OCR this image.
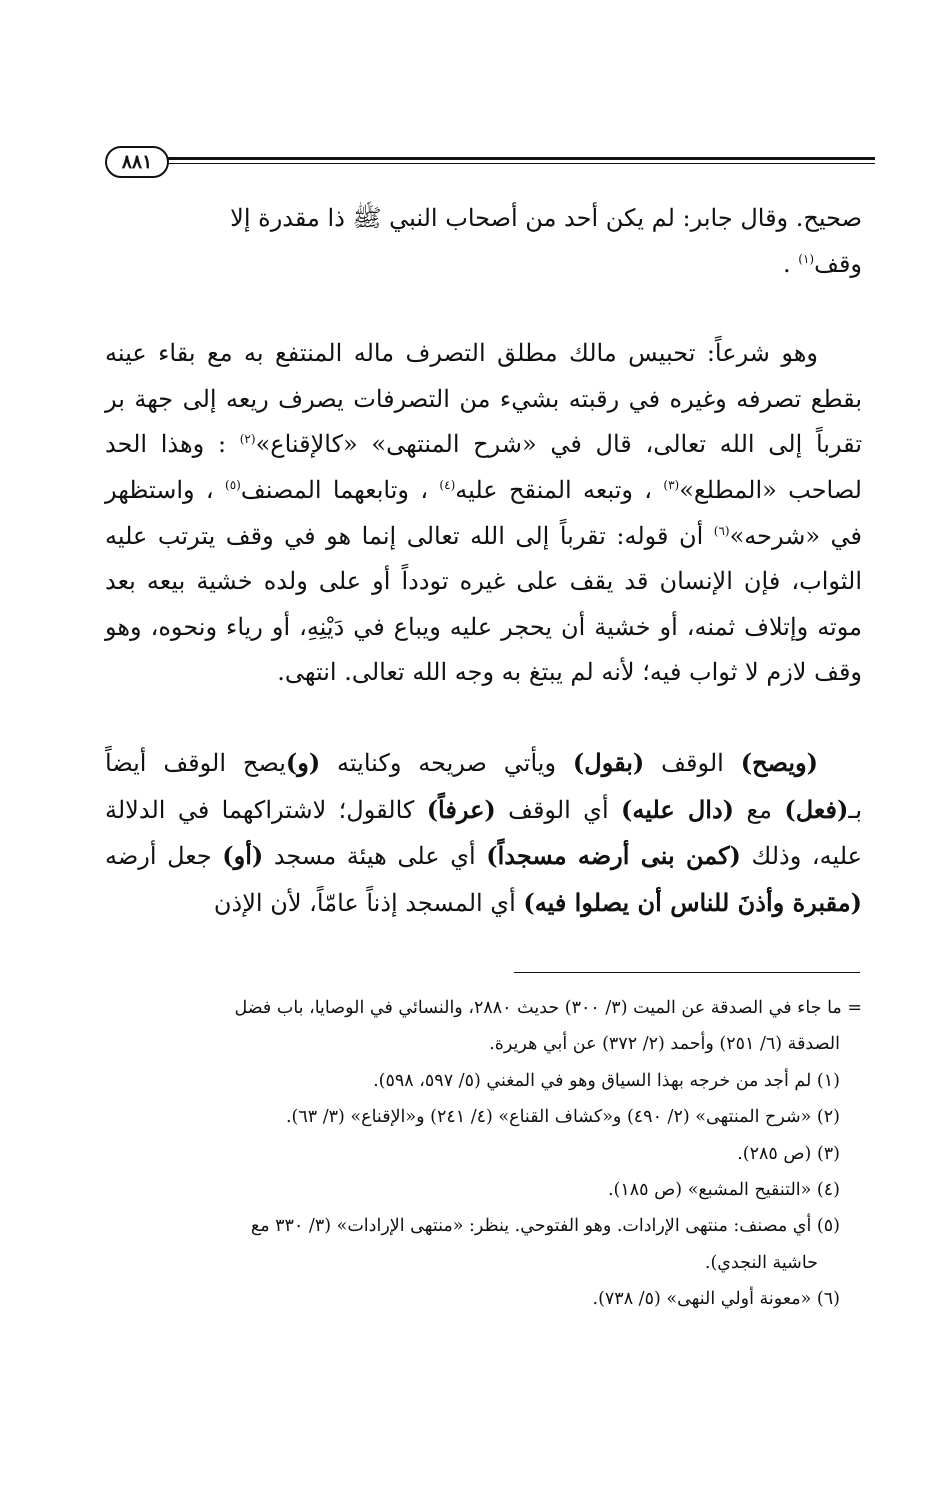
٨٨١

صحيح. وقال جابر: لم يكن أحد من أصحاب النبي ﷺ ذا مقدرة إلا
وقف$^{(١)}$ .

وهو شرعاً: تحبيس مالك مطلق التصرف ماله المنتفع به مع بقاء عينه بقطع تصرفه وغيره في رقبته بشيء من التصرفات يصرف ريعه إلى جهة بر تقرباً إلى الله تعالى، قال في «شرح المنتهى» «كالإقناع»$^{(٢)}$ : وهذا الحد لصاحب «المطلع»$^{(٣)}$ ، وتبعه المنقح عليه$^{(٤)}$ ، وتابعهما المصنف$^{(٥)}$ ، واستظهر في «شرحه»$^{(٦)}$ أن قوله: تقرباً إلى الله تعالى إنما هو في وقف يترتب عليه الثواب، فإن الإنسان قد يقف على غيره تودداً أو على ولده خشية بيعه بعد موته وإتلاف ثمنه، أو خشية أن يحجر عليه ويباع في دَيْنِهِ، أو رياء ونحوه، وهو وقف لازم لا ثواب فيه؛ لأنه لم يبتغ به وجه الله تعالى. انتهى.

(ويصح) الوقف (بقول) ويأتي صريحه وكنايته (و)يصح الوقف أيضاً بـ(فعل) مع (دال عليه) أي الوقف (عرفاً) كالقول؛ لاشتراكهما في الدلالة عليه، وذلك (كمن بنى أرضه مسجداً) أي على هيئة مسجد (أو) جعل أرضه (مقبرة وأذنَ للناس أن يصلوا فيه) أي المسجد إذناً عامّاً، لأن الإذن

= ما جاء في الصدقة عن الميت (٣/ ٣٠٠) حديث ٢٨٨٠، والنسائي في الوصايا، باب فضل

الصدقة (٦/ ٢٥١) وأحمد (٢/ ٣٧٢) عن أبي هريرة.

(١) لم أجد من خرجه بهذا السياق وهو في المغني (٥/ ٥٩٧، ٥٩٨).

(٢) «شرح المنتهى» (٢/ ٤٩٠) و«كشاف القناع» (٤/ ٢٤١) و«الإقناع» (٣/ ٦٣).

(٣) (ص ٢٨٥).

(٤) «التنقيح المشبع» (ص ١٨٥).

(٥) أي مصنف: منتهى الإرادات. وهو الفتوحي. ينظر: «منتهى الإرادات» (٣/ ٣٣٠ مع

حاشية النجدي).

(٦) «معونة أولي النهى» (٥/ ٧٣٨).
